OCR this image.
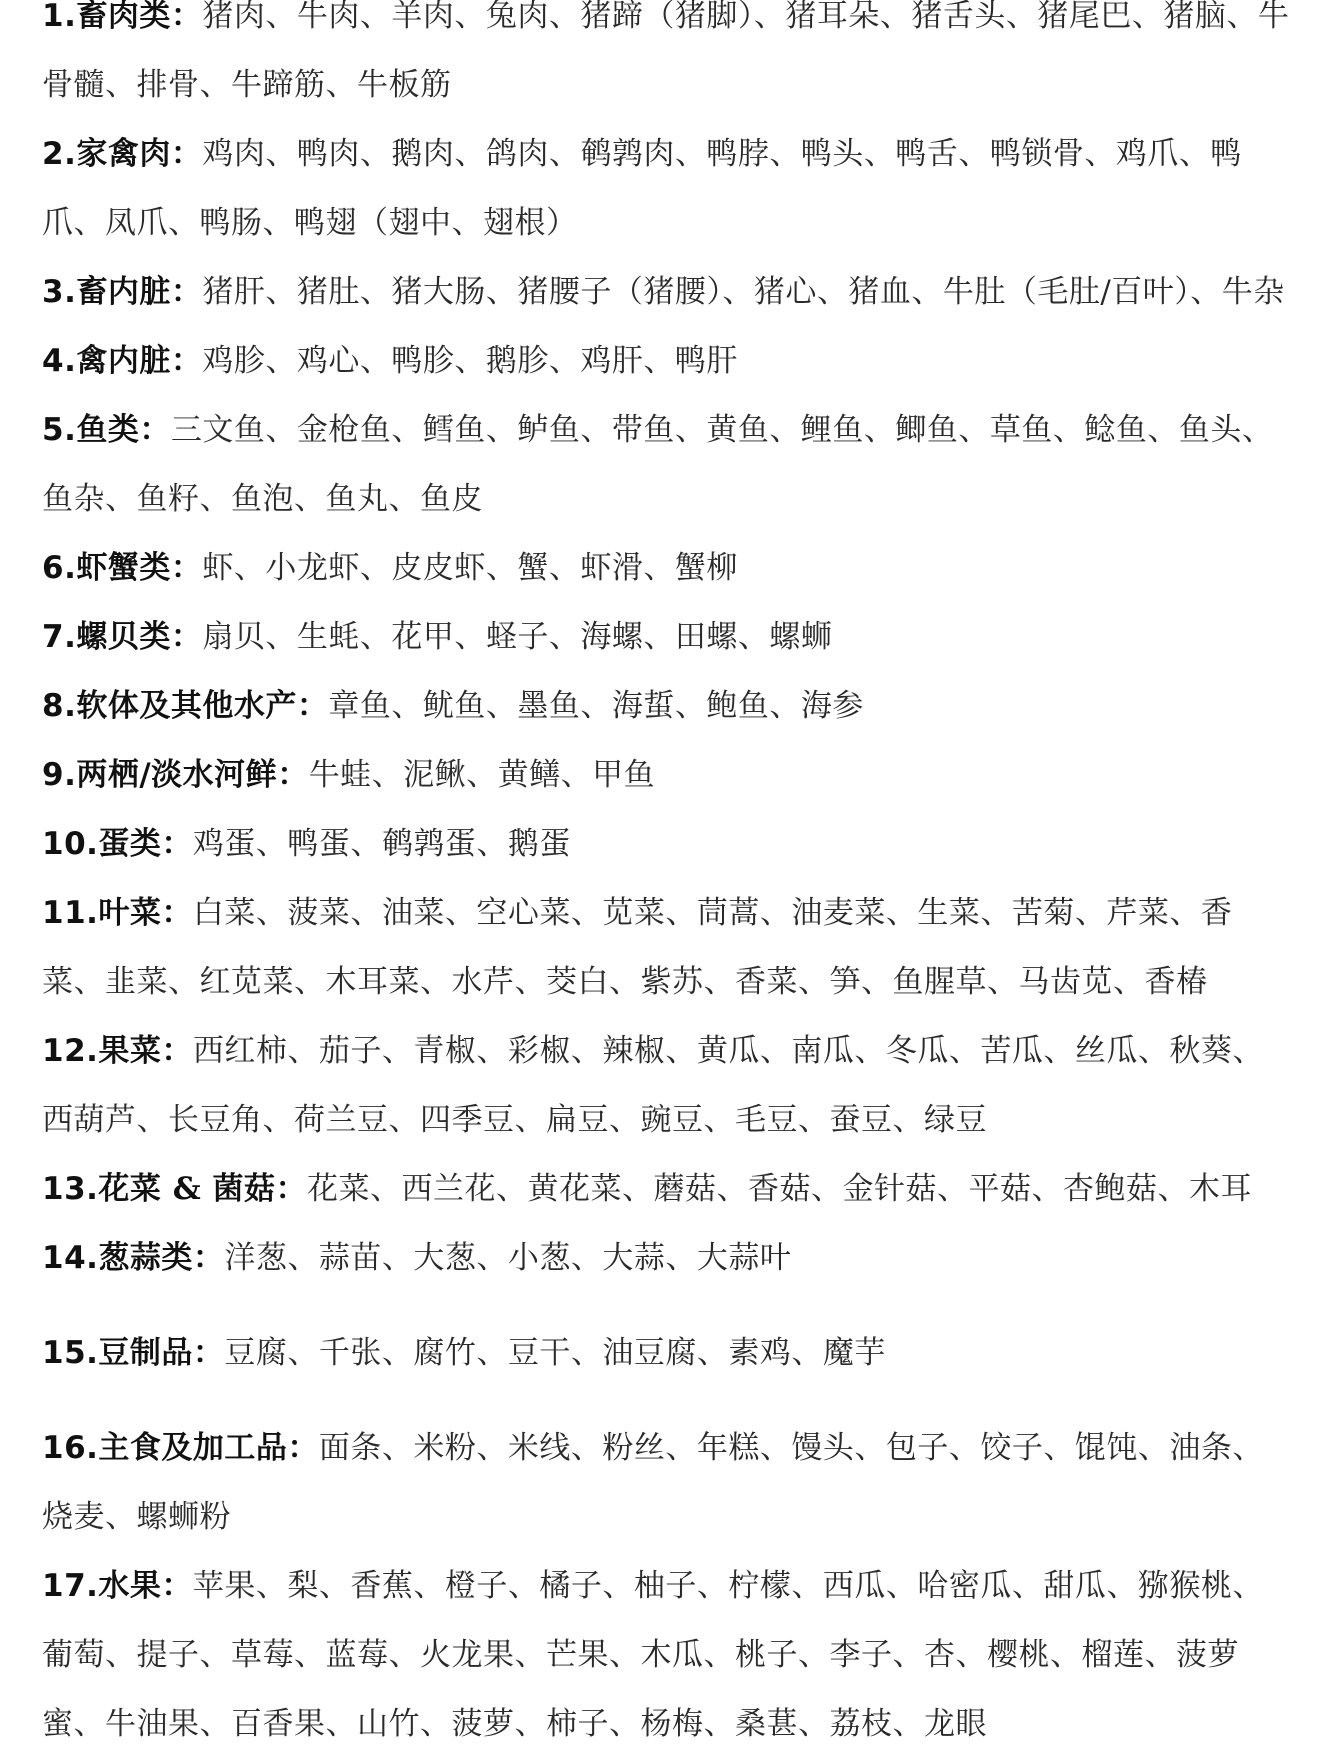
1.畜肉类：猪肉、牛肉、羊肉、兔肉、猪蹄（猪脚）、猪耳朵、猪舌头、猪尾巴、猪脑、牛骨髓、排骨、牛蹄筋、牛板筋

2.家禽肉：鸡肉、鸭肉、鹅肉、鸽肉、鹌鹑肉、鸭脖、鸭头、鸭舌、鸭锁骨、鸡爪、鸭爪、凤爪、鸭肠、鸭翅（翅中、翅根）

3.畜内脏：猪肝、猪肚、猪大肠、猪腰子（猪腰）、猪心、猪血、牛肚（毛肚/百叶）、牛杂

4.禽内脏：鸡胗、鸡心、鸭胗、鹅胗、鸡肝、鸭肝

5.鱼类：三文鱼、金枪鱼、鳕鱼、鲈鱼、带鱼、黄鱼、鲤鱼、鲫鱼、草鱼、鲶鱼、鱼头、鱼杂、鱼籽、鱼泡、鱼丸、鱼皮

6.虾蟹类：虾、小龙虾、皮皮虾、蟹、虾滑、蟹柳

7.螺贝类：扇贝、生蚝、花甲、蛏子、海螺、田螺、螺蛳

8.软体及其他水产：章鱼、鱿鱼、墨鱼、海蜇、鲍鱼、海参

9.两栖/淡水河鲜：牛蛙、泥鳅、黄鳝、甲鱼

10.蛋类：鸡蛋、鸭蛋、鹌鹑蛋、鹅蛋

11.叶菜：白菜、菠菜、油菜、空心菜、苋菜、茼蒿、油麦菜、生菜、苦菊、芹菜、香菜、韭菜、红苋菜、木耳菜、水芹、茭白、紫苏、香菜、笋、鱼腥草、马齿苋、香椿

12.果菜：西红柿、茄子、青椒、彩椒、辣椒、黄瓜、南瓜、冬瓜、苦瓜、丝瓜、秋葵、西葫芦、长豆角、荷兰豆、四季豆、扁豆、豌豆、毛豆、蚕豆、绿豆

13.花菜 & 菌菇：花菜、西兰花、黄花菜、蘑菇、香菇、金针菇、平菇、杏鲍菇、木耳

14.葱蒜类：洋葱、蒜苗、大葱、小葱、大蒜、大蒜叶

15.豆制品：豆腐、千张、腐竹、豆干、油豆腐、素鸡、魔芋

16.主食及加工品：面条、米粉、米线、粉丝、年糕、馒头、包子、饺子、馄饨、油条、烧麦、螺蛳粉

17.水果：苹果、梨、香蕉、橙子、橘子、柚子、柠檬、西瓜、哈密瓜、甜瓜、猕猴桃、葡萄、提子、草莓、蓝莓、火龙果、芒果、木瓜、桃子、李子、杏、樱桃、榴莲、菠萝蜜、牛油果、百香果、山竹、菠萝、柿子、杨梅、桑葚、荔枝、龙眼
